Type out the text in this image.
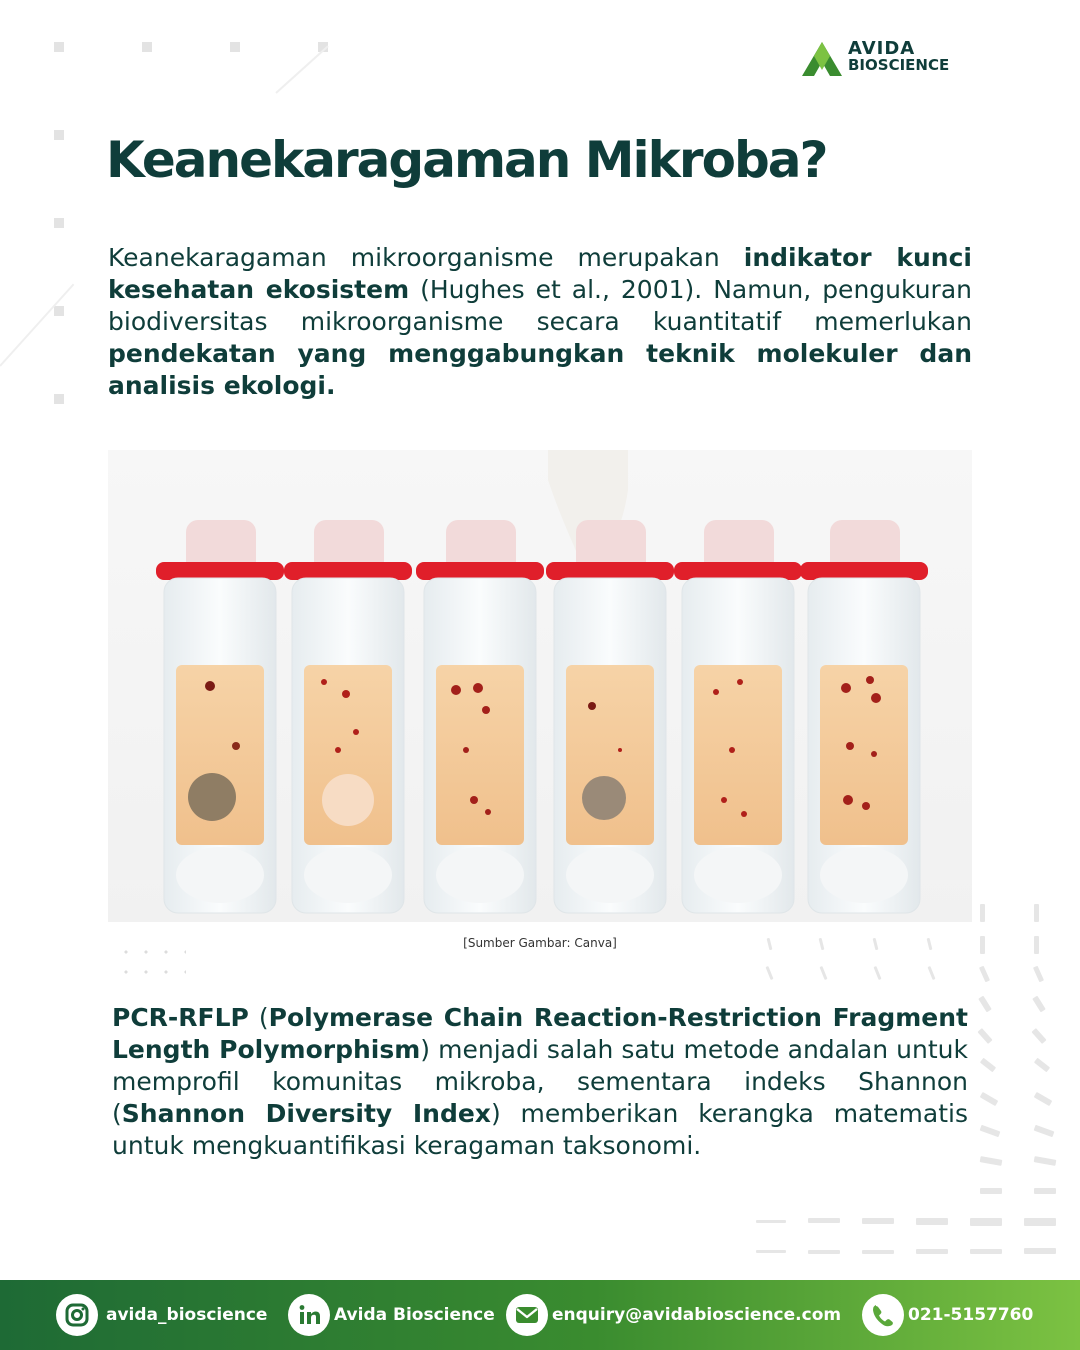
AVIDA
BIOSCIENCE
Keanekaragaman Mikroba?

Keanekaragaman mikroorganisme merupakan indikator kunci kesehatan ekosistem (Hughes et al., 2001). Namun, pengukuran biodiversitas mikroorganisme secara kuantitatif memerlukan pendekatan yang menggabungkan teknik molekuler dan analisis ekologi.

[Sumber Gambar: Canva]

PCR-RFLP (Polymerase Chain Reaction-Restriction Fragment Length Polymorphism) menjadi salah satu metode andalan untuk memprofil komunitas mikroba, sementara indeks Shannon (Shannon Diversity Index) memberikan kerangka matematis untuk mengkuantifikasi keragaman taksonomi.

avida_bioscience	Avida Bioscience	enquiry@avidabioscience.com	021-5157760
